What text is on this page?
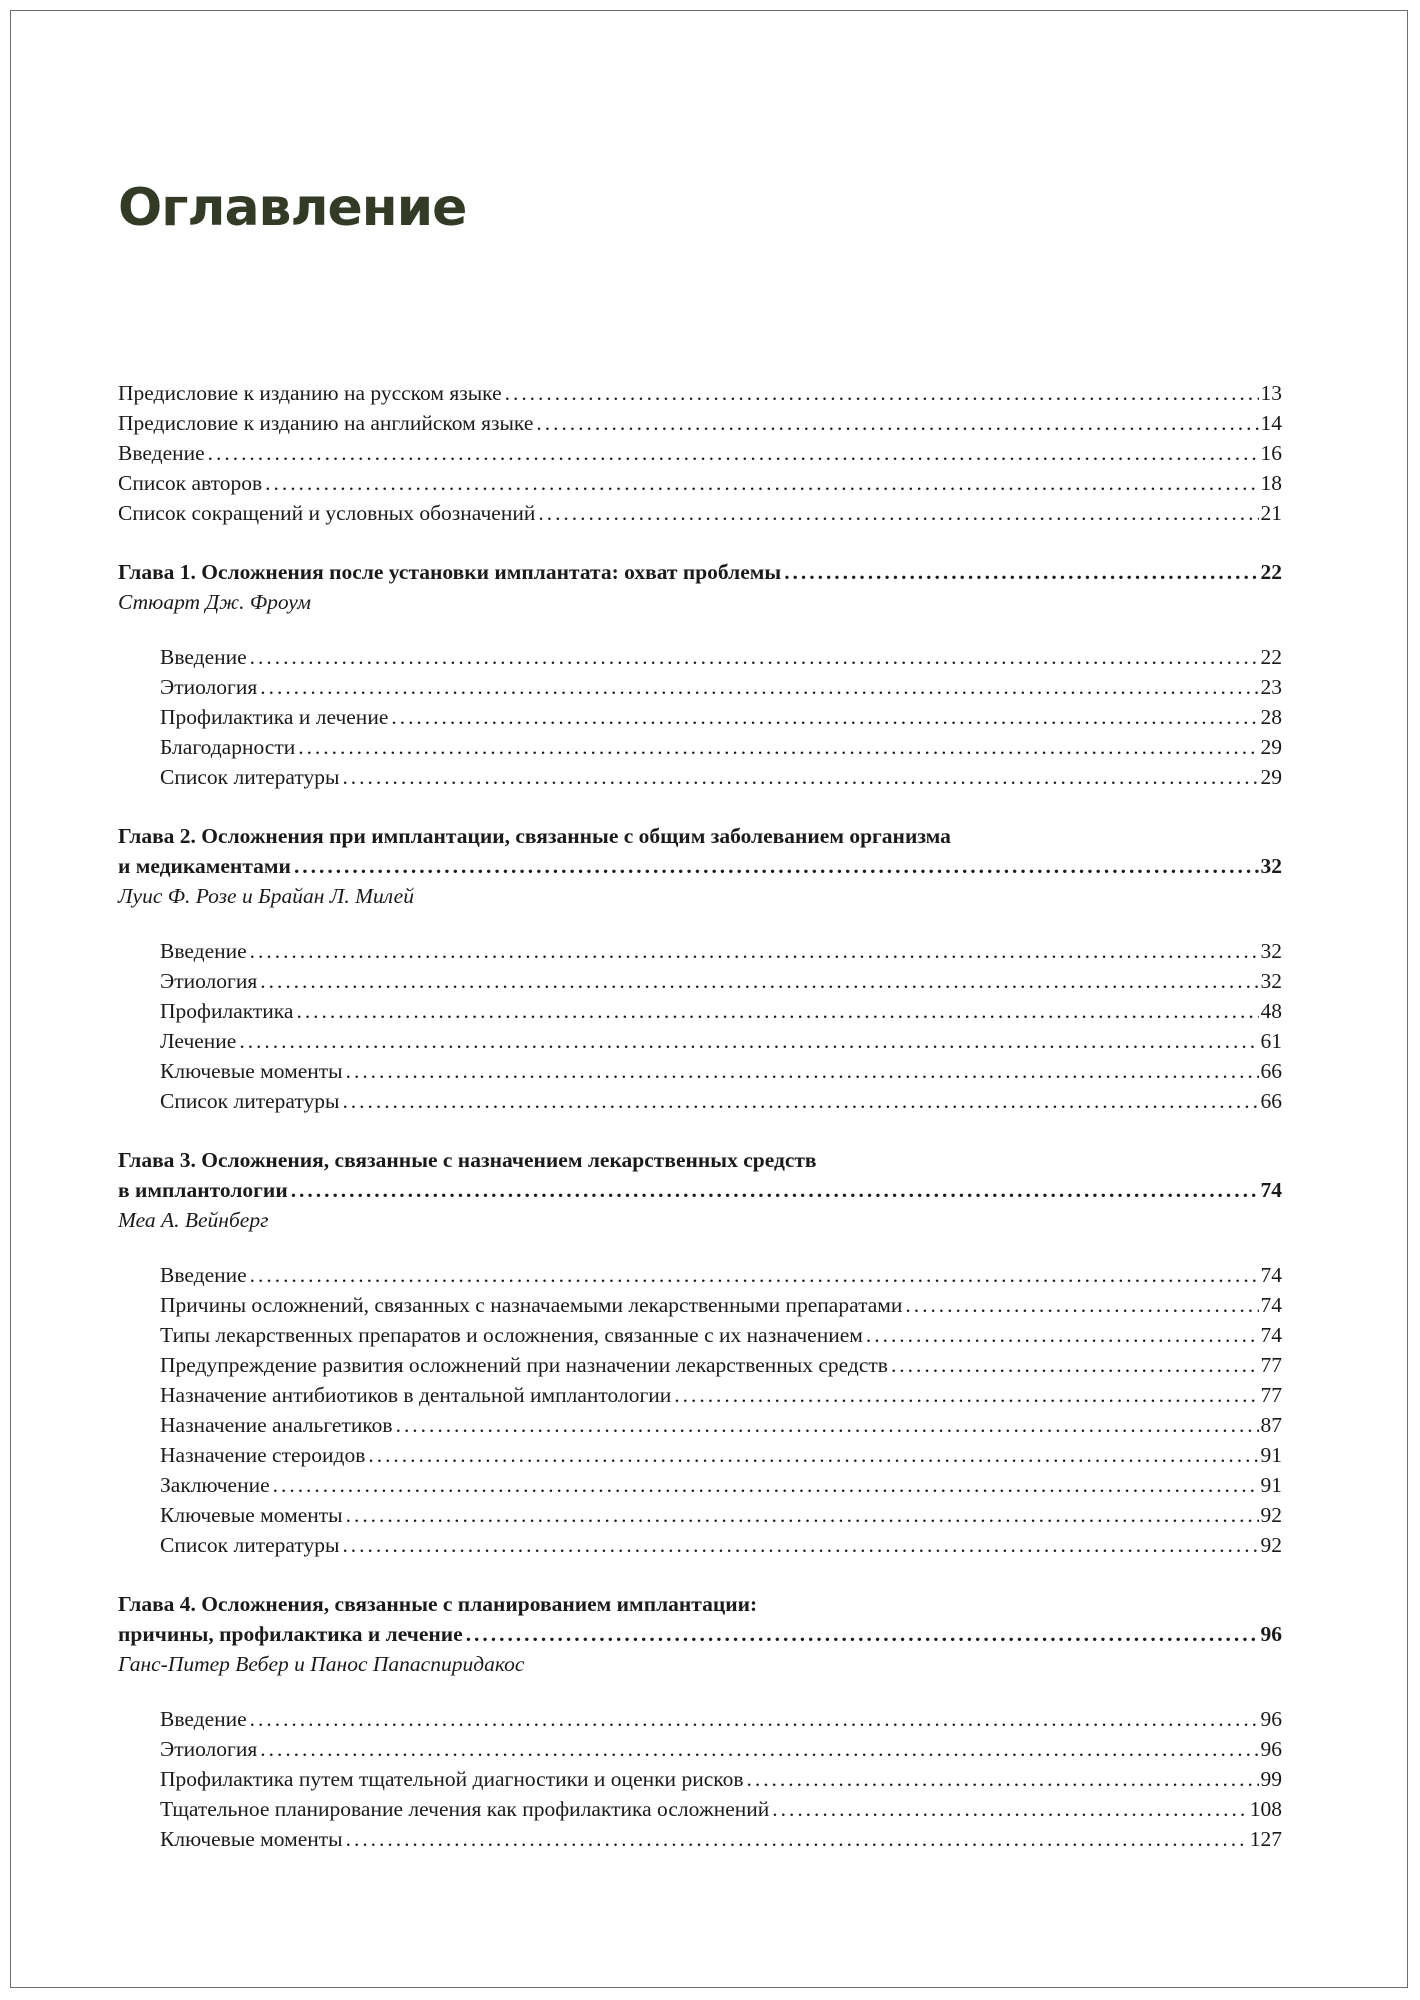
Оглавление
Предисловие к изданию на русском языке . . .	13
Предисловие к изданию на английском языке . . .	14
Введение . . .	16
Список авторов . . .	18
Список сокращений и условных обозначений . . .	21
Глава 1. Осложнения после установки имплантата: охват проблемы . . .	22
Стюарт Дж. Фроум
Введение . . .	22
Этиология . . .	23
Профилактика и лечение . . .	28
Благодарности . . .	29
Список литературы . . .	29
Глава 2. Осложнения при имплантации, связанные с общим заболеванием организма
и медикаментами . . .	32
Луис Ф. Розе и Брайан Л. Милей
Введение . . .	32
Этиология . . .	32
Профилактика . . .	48
Лечение . . .	61
Ключевые моменты . . .	66
Список литературы . . .	66
Глава 3. Осложнения, связанные с назначением лекарственных средств
в имплантологии . . .	74
Меа А. Вейнберг
Введение . . .	74
Причины осложнений, связанных с назначаемыми лекарственными препаратами . . .	74
Типы лекарственных препаратов и осложнения, связанные с их назначением . . .	74
Предупреждение развития осложнений при назначении лекарственных средств . . .	77
Назначение антибиотиков в дентальной имплантологии . . .	77
Назначение анальгетиков . . .	87
Назначение стероидов . . .	91
Заключение . . .	91
Ключевые моменты . . .	92
Список литературы . . .	92
Глава 4. Осложнения, связанные с планированием имплантации:
причины, профилактика и лечение . . .	96
Ганс-Питер Вебер и Панос Папаспиридакос
Введение . . .	96
Этиология . . .	96
Профилактика путем тщательной диагностики и оценки рисков . . .	99
Тщательное планирование лечения как профилактика осложнений . . .	108
Ключевые моменты . . .	127
